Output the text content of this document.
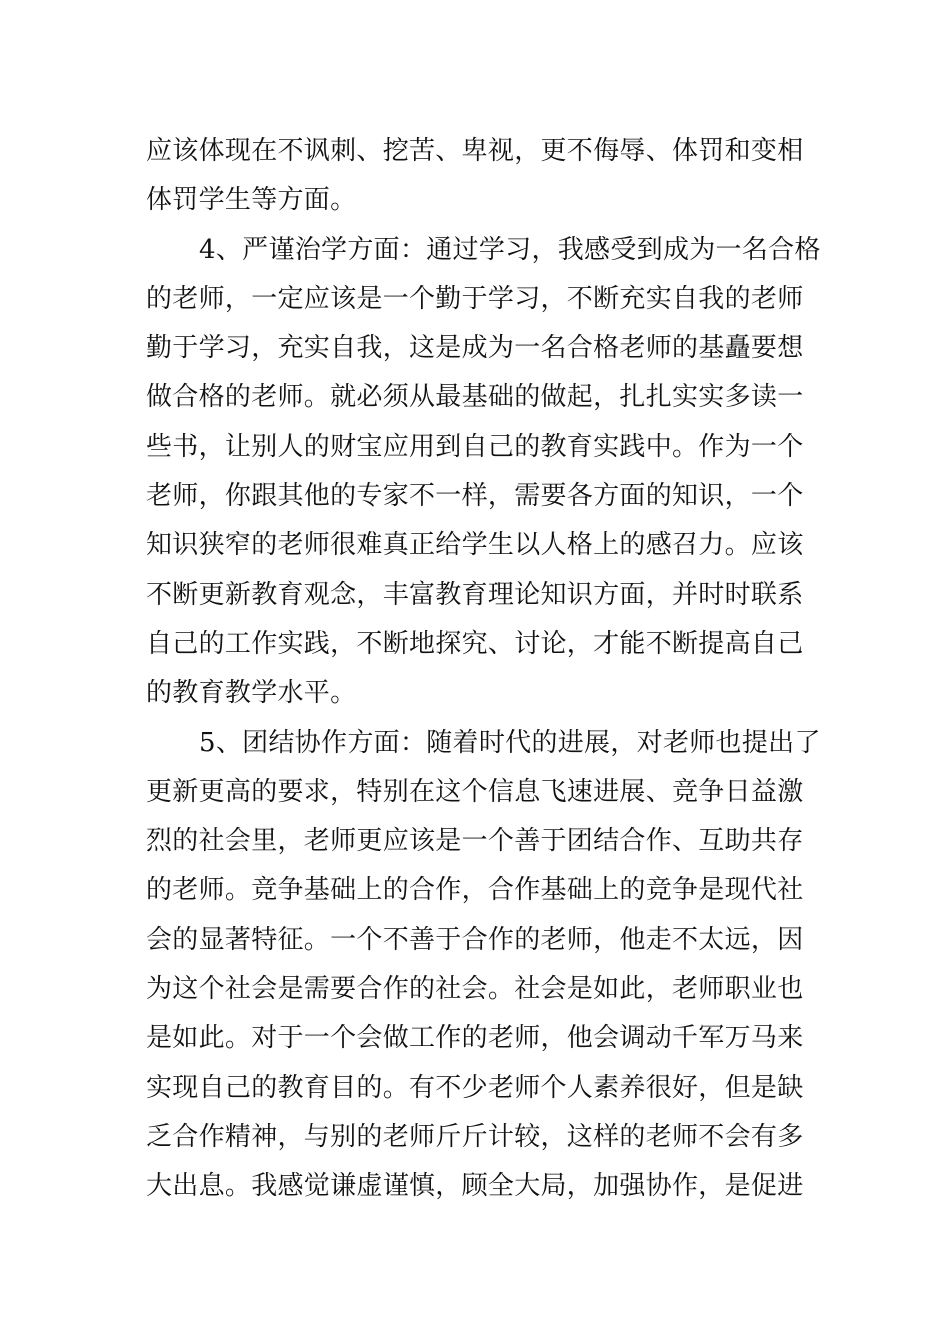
应该体现在不讽刺、挖苦、卑视，更不侮辱、体罚和变相
体罚学生等方面。
4、严谨治学方面：通过学习，我感受到成为一名合格
的老师，一定应该是一个勤于学习，不断充实自我的老师
勤于学习，充实自我，这是成为一名合格老师的基矗要想
做合格的老师。就必须从最基础的做起，扎扎实实多读一
些书，让别人的财宝应用到自己的教育实践中。作为一个
老师，你跟其他的专家不一样，需要各方面的知识，一个
知识狭窄的老师很难真正给学生以人格上的感召力。应该
不断更新教育观念，丰富教育理论知识方面，并时时联系
自己的工作实践，不断地探究、讨论，才能不断提高自己
的教育教学水平。
5、团结协作方面：随着时代的进展，对老师也提出了
更新更高的要求，特别在这个信息飞速进展、竞争日益激
烈的社会里，老师更应该是一个善于团结合作、互助共存
的老师。竞争基础上的合作，合作基础上的竞争是现代社
会的显著特征。一个不善于合作的老师，他走不太远，因
为这个社会是需要合作的社会。社会是如此，老师职业也
是如此。对于一个会做工作的老师，他会调动千军万马来
实现自己的教育目的。有不少老师个人素养很好，但是缺
乏合作精神，与别的老师斤斤计较，这样的老师不会有多
大出息。我感觉谦虚谨慎，顾全大局，加强协作，是促进
